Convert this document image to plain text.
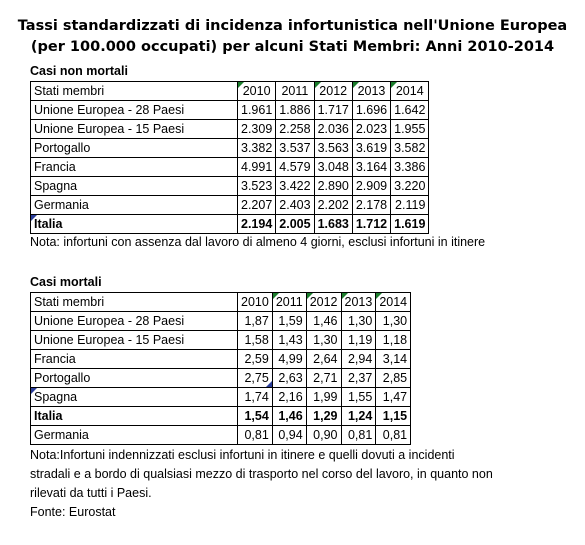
Tassi standardizzati di incidenza infortunistica nell'Unione Europea
(per 100.000 occupati) per alcuni Stati Membri: Anni 2010-2014
Casi non mortali
Stati membri	2010	2011	2012	2013	2014
Unione Europea - 28 Paesi	1.961	1.886	1.717	1.696	1.642
Unione Europea - 15 Paesi	2.309	2.258	2.036	2.023	1.955
Portogallo	3.382	3.537	3.563	3.619	3.582
Francia	4.991	4.579	3.048	3.164	3.386
Spagna	3.523	3.422	2.890	2.909	3.220
Germania	2.207	2.403	2.202	2.178	2.119

Italia	2.194	2.005	1.683	1.712	1.619
Nota: infortuni con assenza dal lavoro di almeno 4 giorni, esclusi infortuni in itinere
Casi mortali
Stati membri	2010	2011	2012	2013	2014
Unione Europea - 28 Paesi	1,87	1,59	1,46	1,30	1,30
Unione Europea - 15 Paesi	1,58	1,43	1,30	1,19	1,18
Francia	2,59	4,99	2,64	2,94	3,14
Portogallo	2,75	2,63	2,71	2,37	2,85

Spagna	1,74	2,16	1,99	1,55	1,47
Italia	1,54	1,46	1,29	1,24	1,15
Germania	0,81	0,94	0,90	0,81	0,81
Nota:Infortuni indennizzati esclusi infortuni in itinere e quelli dovuti a incidenti
stradali e a bordo di qualsiasi mezzo di trasporto nel corso del lavoro, in quanto non
rilevati da tutti i Paesi.
Fonte: Eurostat
